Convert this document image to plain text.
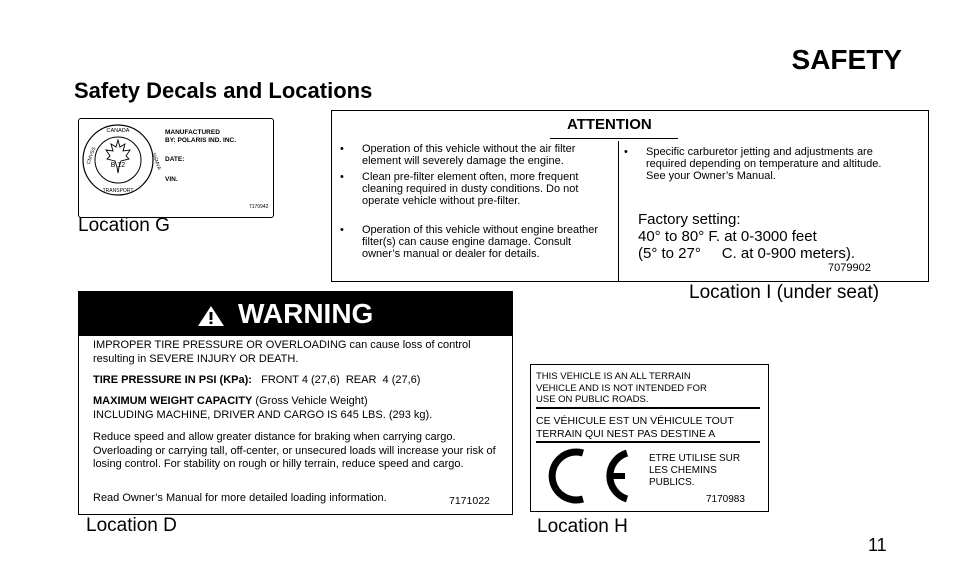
SAFETY
Safety Decals and Locations
B 12
CANADA
CMVSS	NSMVA
TRANSPORT
MANUFACTURED
BY: POLARIS IND. INC.
DATE:
VIN.
7170942
Location G
ATTENTION
• Operation of this vehicle without the air filter element will severely damage the engine.
• Clean pre-filter element often, more frequent cleaning required in dusty conditions. Do not operate vehicle without pre-filter.
• Operation of this vehicle without engine breather filter(s) can cause engine damage. Consult owner’s manual or dealer for details.
• Specific carburetor jetting and adjustments are required depending on temperature and altitude. See your Owner’s Manual.
Factory setting:
40° to 80° F. at 0-3000 feet
(5° to 27°     C. at 0-900 meters).
7079902
Location I (under seat)
WARNING
IMPROPER TIRE PRESSURE OR OVERLOADING can cause loss of control resulting in SEVERE INJURY OR DEATH.
TIRE PRESSURE IN PSI (KPa): FRONT 4 (27,6)  REAR  4 (27,6)
MAXIMUM WEIGHT CAPACITY (Gross Vehicle Weight)
INCLUDING MACHINE, DRIVER AND CARGO IS 645 LBS. (293 kg).
Reduce speed and allow greater distance for braking when carrying cargo. Overloading or carrying tall, off-center, or unsecured loads will increase your risk of losing control. For stability on rough or hilly terrain, reduce speed and cargo.
Read Owner’s Manual for more detailed loading information.	7171022
Location D
THIS VEHICLE IS AN ALL TERRAIN
VEHICLE AND IS NOT INTENDED FOR
USE ON PUBLIC ROADS.
CE VÉHICULE EST UN VÉHICULE TOUT
TERRAIN QUI NEST PAS DESTINE A
ETRE UTILISE SUR
LES CHEMINS
PUBLICS.
7170983
Location H
11
